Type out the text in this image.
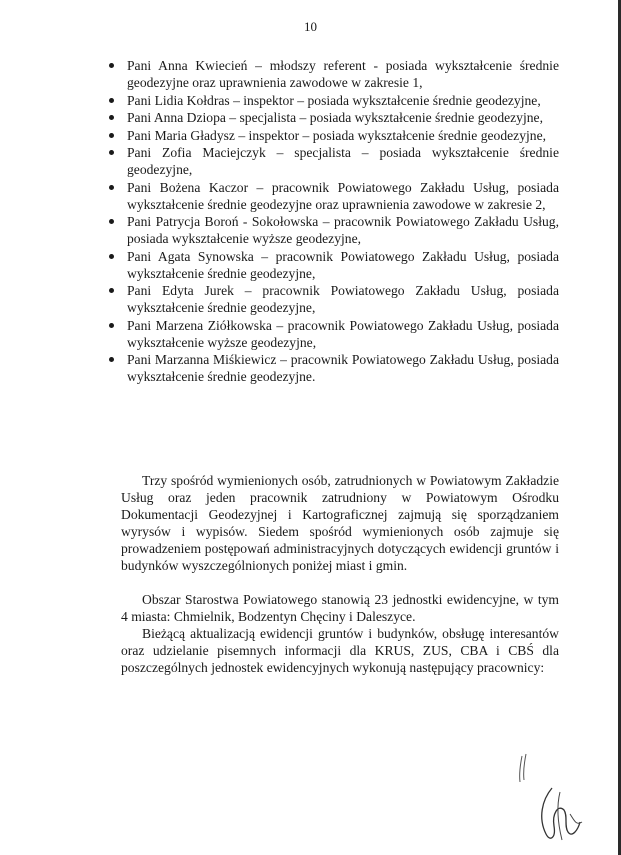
10
Pani Anna Kwiecień – młodszy referent - posiada wykształcenie średnie geodezyjne oraz uprawnienia zawodowe w zakresie 1,
Pani Lidia Kołdras – inspektor – posiada wykształcenie średnie geodezyjne,
Pani Anna Dziopa – specjalista – posiada wykształcenie średnie geodezyjne,
Pani Maria Gładysz – inspektor – posiada wykształcenie średnie geodezyjne,
Pani Zofia Maciejczyk – specjalista – posiada wykształcenie średnie geodezyjne,
Pani Bożena Kaczor – pracownik Powiatowego Zakładu Usług, posiada wykształcenie średnie geodezyjne oraz uprawnienia zawodowe w zakresie 2,
Pani Patrycja Boroń - Sokołowska – pracownik Powiatowego Zakładu Usług, posiada wykształcenie wyższe geodezyjne,
Pani Agata Synowska – pracownik Powiatowego Zakładu Usług, posiada wykształcenie średnie geodezyjne,
Pani Edyta Jurek – pracownik Powiatowego Zakładu Usług, posiada wykształcenie średnie geodezyjne,
Pani Marzena Ziółkowska – pracownik Powiatowego Zakładu Usług, posiada wykształcenie wyższe geodezyjne,
Pani Marzanna Miśkiewicz – pracownik Powiatowego Zakładu Usług, posiada wykształcenie średnie geodezyjne.

Trzy spośród wymienionych osób, zatrudnionych w Powiatowym Zakładzie Usług oraz jeden pracownik zatrudniony w Powiatowym Ośrodku Dokumentacji Geodezyjnej i Kartograficznej zajmują się sporządzaniem wyrysów i wypisów. Siedem spośród wymienionych osób zajmuje się prowadzeniem postępowań administracyjnych dotyczących ewidencji gruntów i budynków wyszczególnionych poniżej miast i gmin.

Obszar Starostwa Powiatowego stanowią 23 jednostki ewidencyjne, w tym 4 miasta: Chmielnik, Bodzentyn Chęciny i Daleszyce.

Bieżącą aktualizacją ewidencji gruntów i budynków, obsługę interesantów oraz udzielanie pisemnych informacji dla KRUS, ZUS, CBA i CBŚ dla poszczególnych jednostek ewidencyjnych wykonują następujący pracownicy:
